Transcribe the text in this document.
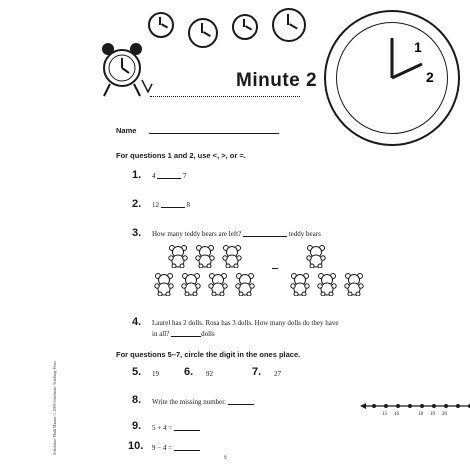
1
2
Minute 2
Name
For questions 1 and 2, use <, >, or =.
1. 4	7
2. 12	8
3. How many teddy bears are left?	teddy bears
4. Laurel has 2 dolls. Rosa has 3 dolls. How many dolls do they have
in all?	dolls
For questions 5–7, circle the digit in the ones place.
5. 19 6. 92	7. 27
8. Write the missing number.
15 16	18 19 20
9. 5 + 4 =
10. 9 − 4 =
9
Scholastic Math Minute © 2009 Scholastic Teaching Press
